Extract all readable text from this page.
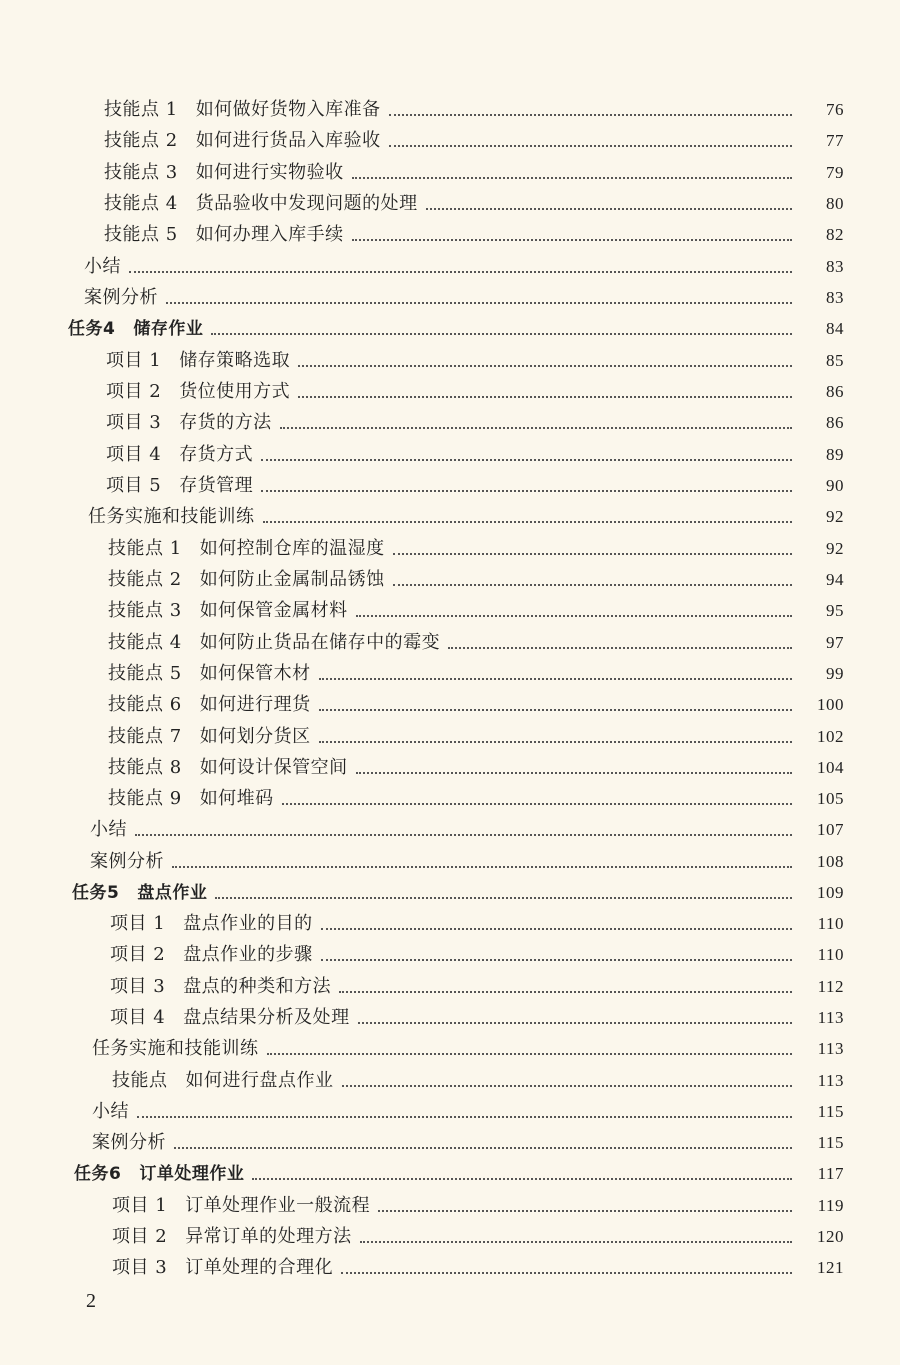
技能点 1 如何做好货物入库准备	76
技能点 2 如何进行货品入库验收	77
技能点 3 如何进行实物验收	79
技能点 4 货品验收中发现问题的处理	80
技能点 5 如何办理入库手续	82
小结	83
案例分析	83
任务4 储存作业	84
项目 1 储存策略选取	85
项目 2 货位使用方式	86
项目 3 存货的方法	86
项目 4 存货方式	89
项目 5 存货管理	90
任务实施和技能训练	92
技能点 1 如何控制仓库的温湿度	92
技能点 2 如何防止金属制品锈蚀	94
技能点 3 如何保管金属材料	95
技能点 4 如何防止货品在储存中的霉变	97
技能点 5 如何保管木材	99
技能点 6 如何进行理货	100
技能点 7 如何划分货区	102
技能点 8 如何设计保管空间	104
技能点 9 如何堆码	105
小结	107
案例分析	108
任务5 盘点作业	109
项目 1 盘点作业的目的	110
项目 2 盘点作业的步骤	110
项目 3 盘点的种类和方法	112
项目 4 盘点结果分析及处理	113
任务实施和技能训练	113
技能点 如何进行盘点作业	113
小结	115
案例分析	115
任务6 订单处理作业	117
项目 1 订单处理作业一般流程	119
项目 2 异常订单的处理方法	120
项目 3 订单处理的合理化	121
2
